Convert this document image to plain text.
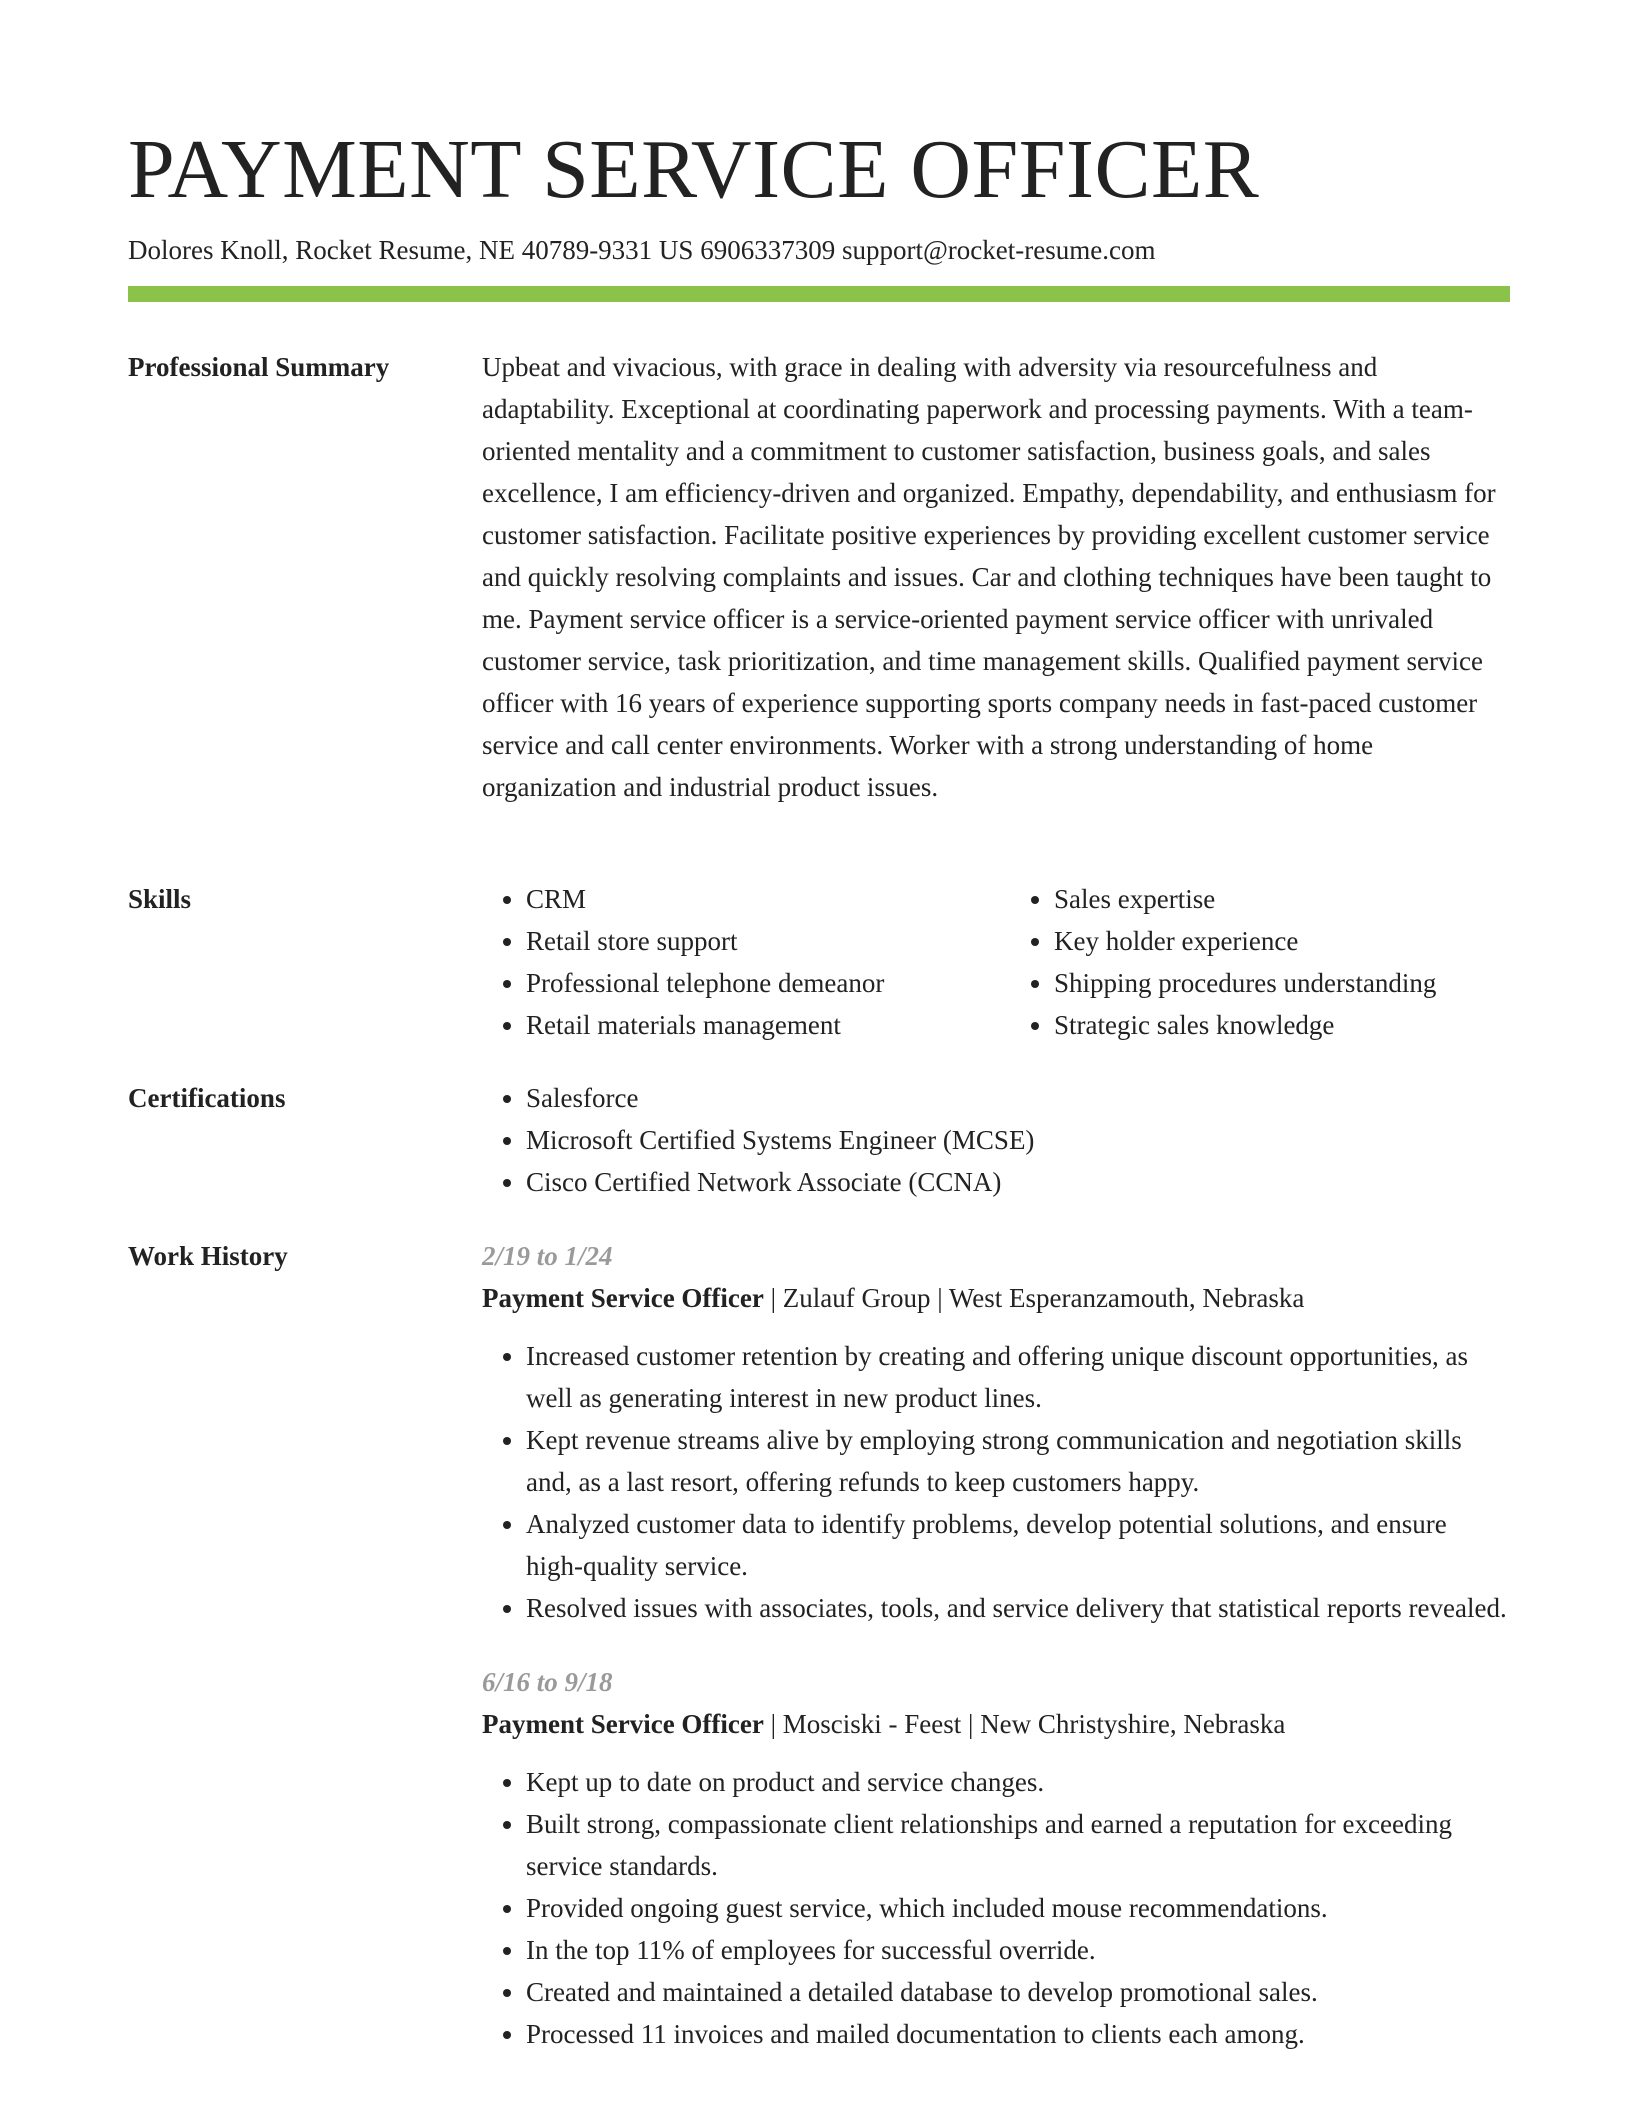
PAYMENT SERVICE OFFICER
Dolores Knoll, Rocket Resume, NE 40789-9331 US 6906337309 support@rocket-resume.com
Professional Summary	Upbeat and vivacious, with grace in dealing with adversity via resourcefulness and adaptability. Exceptional at coordinating paperwork and processing payments. With a team-oriented mentality and a commitment to customer satisfaction, business goals, and sales excellence, I am efficiency-driven and organized. Empathy, dependability, and enthusiasm for customer satisfaction. Facilitate positive experiences by providing excellent customer service and quickly resolving complaints and issues. Car and clothing techniques have been taught to me. Payment service officer is a service-oriented payment service officer with unrivaled customer service, task prioritization, and time management skills. Qualified payment service officer with 16 years of experience supporting sports company needs in fast-paced customer service and call center environments. Worker with a strong understanding of home organization and industrial product issues.

Skills	• CRM
• Retail store support
• Professional telephone demeanor
• Retail materials management
• Sales expertise
• Key holder experience
• Shipping procedures understanding
• Strategic sales knowledge
Certifications	• Salesforce
• Microsoft Certified Systems Engineer (MCSE)
• Cisco Certified Network Associate (CCNA)
Work History	2/19 to 1/24
Payment Service Officer | Zulauf Group | West Esperanzamouth, Nebraska
• Increased customer retention by creating and offering unique discount opportunities, as well as generating interest in new product lines.
• Kept revenue streams alive by employing strong communication and negotiation skills and, as a last resort, offering refunds to keep customers happy.
• Analyzed customer data to identify problems, develop potential solutions, and ensure high-quality service.
• Resolved issues with associates, tools, and service delivery that statistical reports revealed.
6/16 to 9/18
Payment Service Officer | Mosciski - Feest | New Christyshire, Nebraska
• Kept up to date on product and service changes.
• Built strong, compassionate client relationships and earned a reputation for exceeding service standards.
• Provided ongoing guest service, which included mouse recommendations.
• In the top 11% of employees for successful override.
• Created and maintained a detailed database to develop promotional sales.
• Processed 11 invoices and mailed documentation to clients each among.
